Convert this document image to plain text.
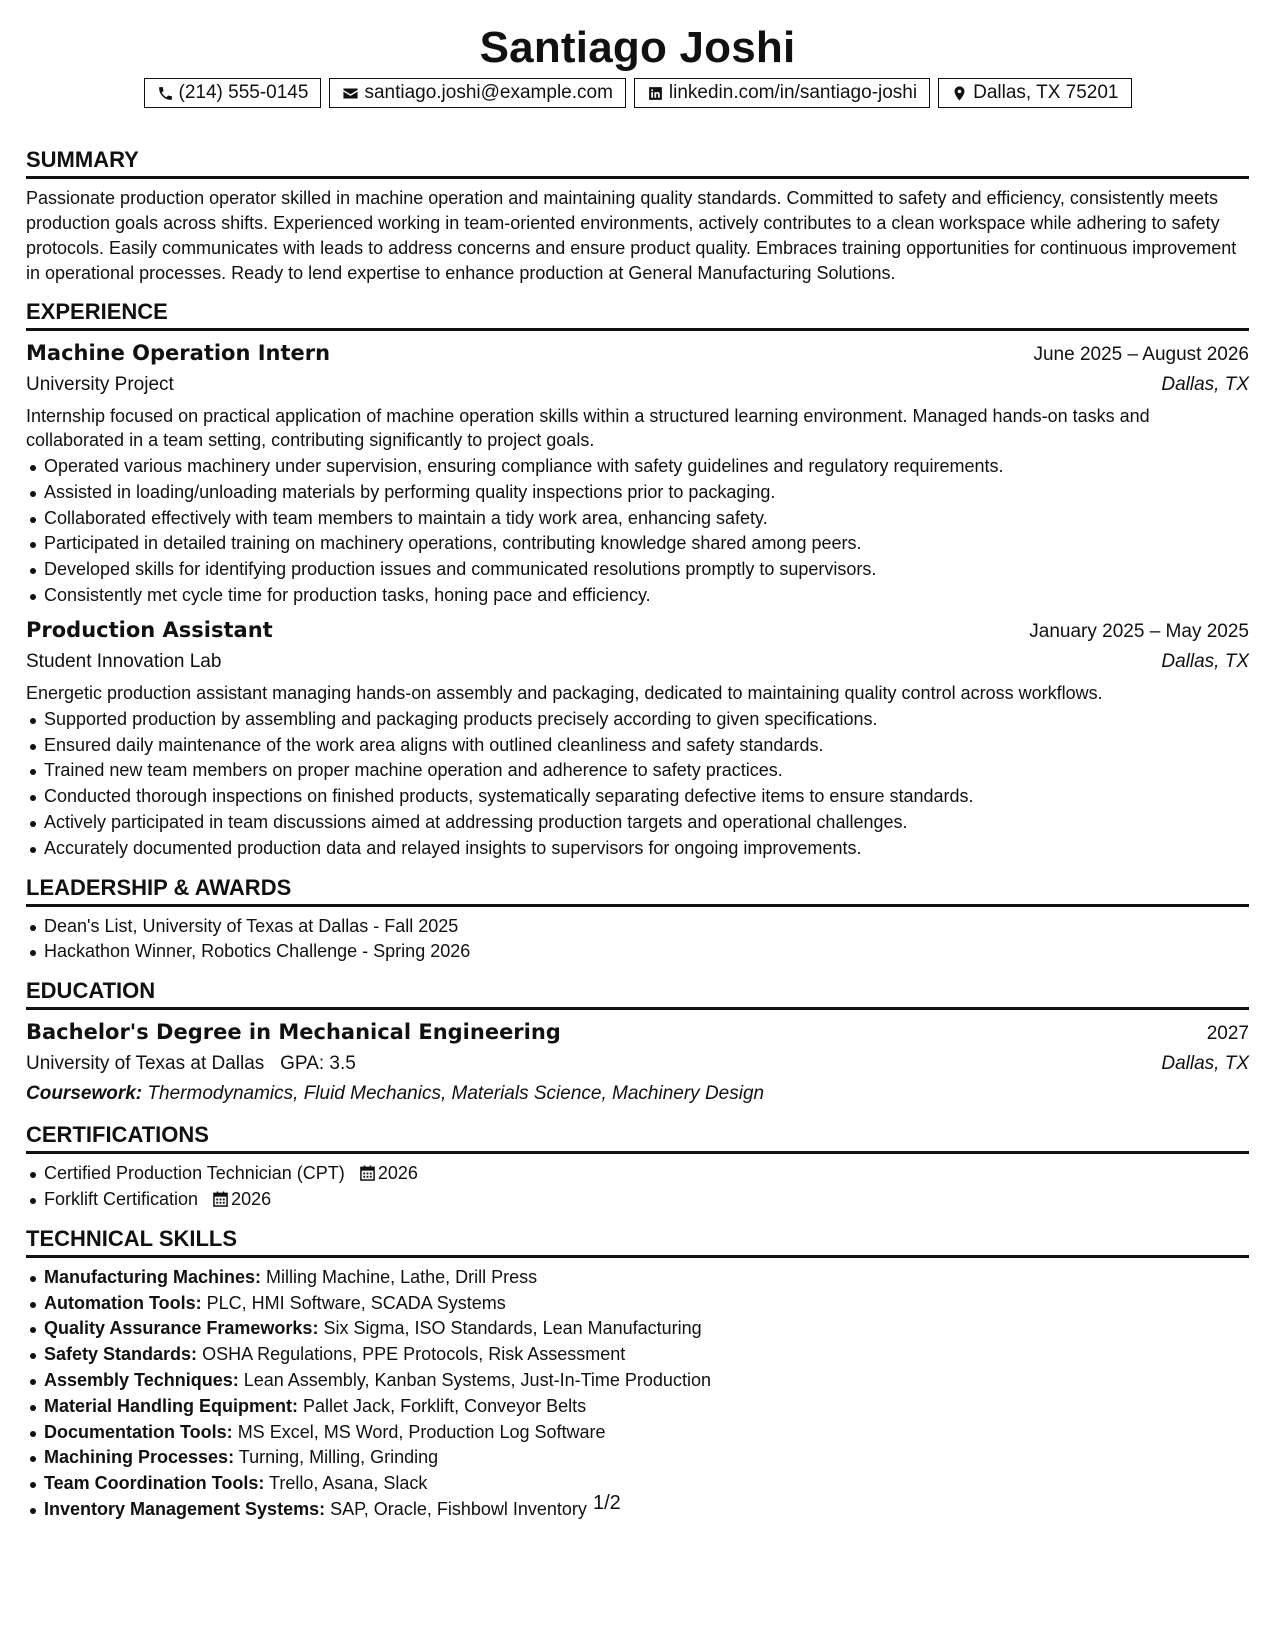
Santiago Joshi
(214) 555-0145	santiago.joshi@example.com	linkedin.com/in/santiago-joshi	Dallas, TX 75201
SUMMARY

Passionate production operator skilled in machine operation and maintaining quality standards. Committed to safety and efficiency, consistently meets production goals across shifts. Experienced working in team-oriented environments, actively contributes to a clean workspace while adhering to safety protocols. Easily communicates with leads to address concerns and ensure product quality. Embraces training opportunities for continuous improvement in operational processes. Ready to lend expertise to enhance production at General Manufacturing Solutions.

EXPERIENCE
Machine Operation Intern	June 2025 – August 2026
University Project	Dallas, TX
Internship focused on practical application of machine operation skills within a structured learning environment. Managed hands-on tasks and collaborated in a team setting, contributing significantly to project goals.
Operated various machinery under supervision, ensuring compliance with safety guidelines and regulatory requirements.
Assisted in loading/unloading materials by performing quality inspections prior to packaging.
Collaborated effectively with team members to maintain a tidy work area, enhancing safety.
Participated in detailed training on machinery operations, contributing knowledge shared among peers.
Developed skills for identifying production issues and communicated resolutions promptly to supervisors.
Consistently met cycle time for production tasks, honing pace and efficiency.
Production Assistant	January 2025 – May 2025
Student Innovation Lab	Dallas, TX
Energetic production assistant managing hands-on assembly and packaging, dedicated to maintaining quality control across workflows.
Supported production by assembling and packaging products precisely according to given specifications.
Ensured daily maintenance of the work area aligns with outlined cleanliness and safety standards.
Trained new team members on proper machine operation and adherence to safety practices.
Conducted thorough inspections on finished products, systematically separating defective items to ensure standards.
Actively participated in team discussions aimed at addressing production targets and operational challenges.
Accurately documented production data and relayed insights to supervisors for ongoing improvements.
LEADERSHIP & AWARDS
Dean's List, University of Texas at Dallas - Fall 2025
Hackathon Winner, Robotics Challenge - Spring 2026
EDUCATION
Bachelor's Degree in Mechanical Engineering	2027
University of Texas at Dallas GPA: 3.5	Dallas, TX
Coursework: Thermodynamics, Fluid Mechanics, Materials Science, Machinery Design
CERTIFICATIONS
Certified Production Technician (CPT) 2026
Forklift Certification 2026
TECHNICAL SKILLS
Manufacturing Machines: Milling Machine, Lathe, Drill Press
Automation Tools: PLC, HMI Software, SCADA Systems
Quality Assurance Frameworks: Six Sigma, ISO Standards, Lean Manufacturing
Safety Standards: OSHA Regulations, PPE Protocols, Risk Assessment
Assembly Techniques: Lean Assembly, Kanban Systems, Just-In-Time Production
Material Handling Equipment: Pallet Jack, Forklift, Conveyor Belts
Documentation Tools: MS Excel, MS Word, Production Log Software
Machining Processes: Turning, Milling, Grinding
Team Coordination Tools: Trello, Asana, Slack
Inventory Management Systems: SAP, Oracle, Fishbowl Inventory 1/2
